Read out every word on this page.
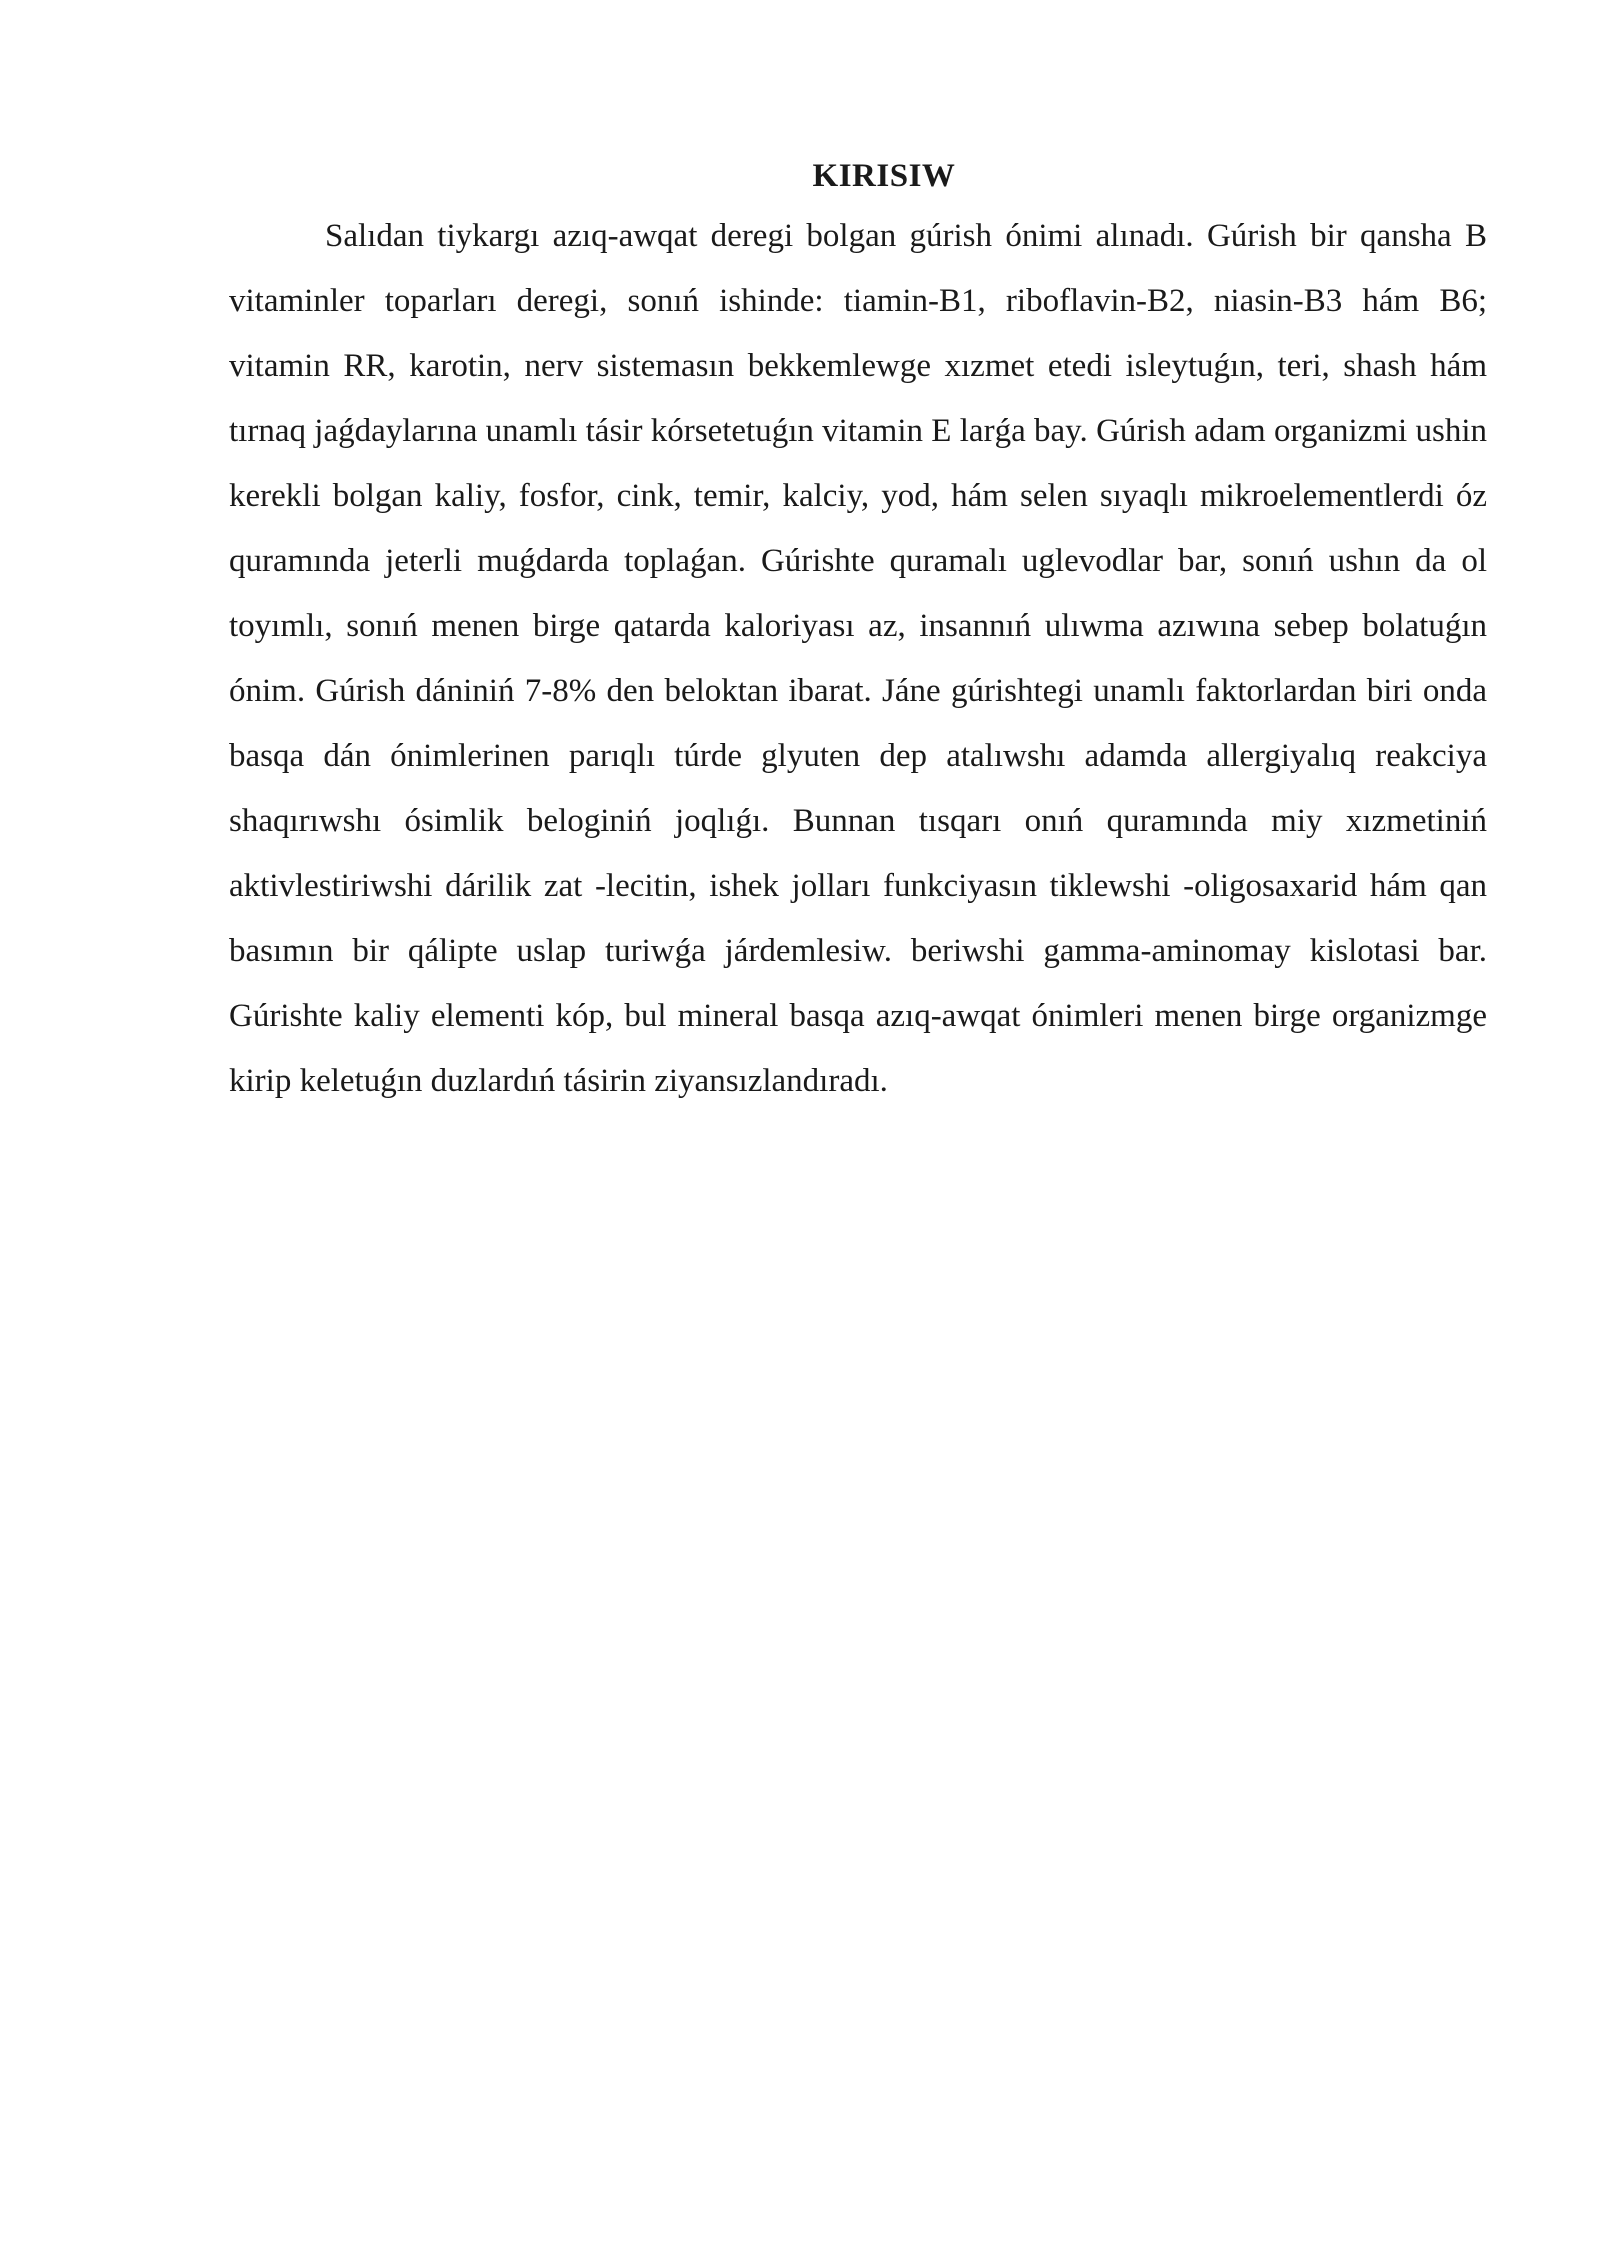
KIRISIW

Salıdan tiykargı azıq-awqat deregi bolgan gúrish ónimi alınadı. Gúrish bir qansha B vitaminler toparları deregi, sonıń ishinde: tiamin-B1, riboflavin-B2, niasin-B3 hám B6; vitamin RR, karotin, nerv sistemasın bekkemlewge xızmet etedi isleytuǵın, teri, shash hám tırnaq jaǵdaylarına unamlı tásir kórsetetuǵın vitamin E larǵa bay. Gúrish adam organizmi ushin kerekli bolgan kaliy, fosfor, cink, temir, kalciy, yod, hám selen sıyaqlı mikroelementlerdi óz quramında jeterli muǵdarda toplaǵan. Gúrishte quramalı uglevodlar bar, sonıń ushın da ol toyımlı, sonıń menen birge qatarda kaloriyası az, insannıń ulıwma azıwına sebep bolatuǵın ónim. Gúrish dániniń 7-8% den beloktan ibarat. Jáne gúrishtegi unamlı faktorlardan biri onda basqa dán ónimlerinen parıqlı túrde glyuten dep atalıwshı adamda allergiyalıq reakciya shaqırıwshı ósimlik beloginiń joqlıǵı. Bunnan tısqarı onıń quramında miy xızmetiniń aktivlestiriwshi dárilik zat -lecitin, ishek jolları funkciyasın tiklewshi -oligosaxarid hám qan basımın bir qálipte uslap turiwǵa járdemlesiw. beriwshi gamma-aminomay kislotasi bar. Gúrishte kaliy elementi kóp, bul mineral basqa azıq-awqat ónimleri menen birge organizmge kirip keletuǵın duzlardıń tásirin ziyansızlandıradı.
